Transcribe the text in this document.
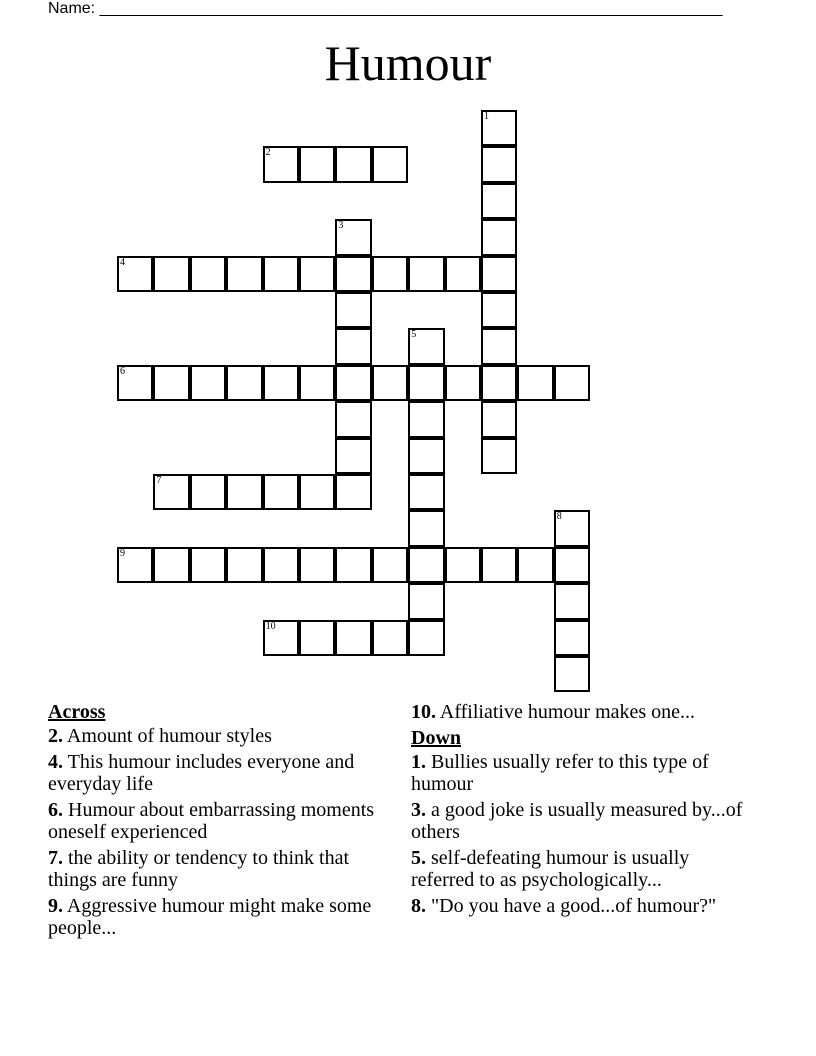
Name: ______________________________________________________________________
Humour
1
2
3
4
5
6
7
8
9
10
Across
2. Amount of humour styles
4. This humour includes everyone and everyday life
6. Humour about embarrassing moments oneself experienced
7. the ability or tendency to think that things are funny
9. Aggressive humour might make some people...
10. Affiliative humour makes one...
Down
1. Bullies usually refer to this type of humour
3. a good joke is usually measured by...of others
5. self-defeating humour is usually referred to as psychologically...
8. "Do you have a good...of humour?"
